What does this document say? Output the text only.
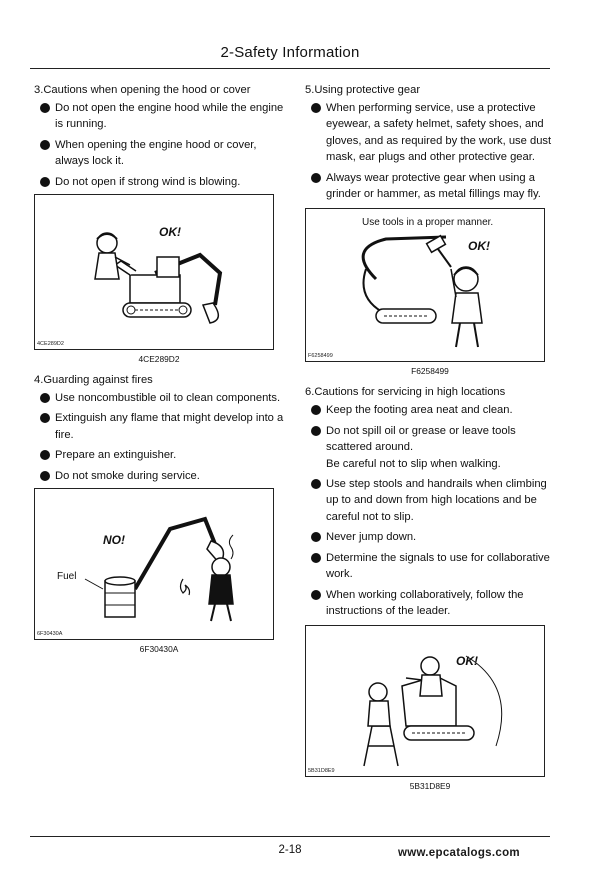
2-Safety Information
3.Cautions when opening the hood or cover
Do not open the engine hood while the engine is running.
When opening the engine hood or cover, always lock it.
Do not open if strong wind is blowing.
OK!
4CE289D2
4CE289D2
4.Guarding against fires
Use noncombustible oil to clean components.
Extinguish any flame that might develop into a fire.
Prepare an extinguisher.
Do not smoke during service.
NO!
Fuel
6F30430A
6F30430A
5.Using protective gear
When performing service, use a protective eyewear, a safety helmet, safety shoes, and gloves, and as required by the work, use dust mask, ear plugs and other protective gear.
Always wear protective gear when using a grinder or hammer, as metal fillings may fly.
Use tools in a proper manner.
OK!
F6258499
F6258499
6.Cautions for servicing in high locations
Keep the footing area neat and clean.
Do not spill oil or grease or leave tools scattered around.
Be careful not to slip when walking.
Use step stools and handrails when climbing up to and down from high locations and be careful not to slip.
Never jump down.
Determine the signals to use for collaborative work.
When working collaboratively, follow the instructions of the leader.
OK!
5B31D8E9
5B31D8E9
2-18	www.epcatalogs.com
